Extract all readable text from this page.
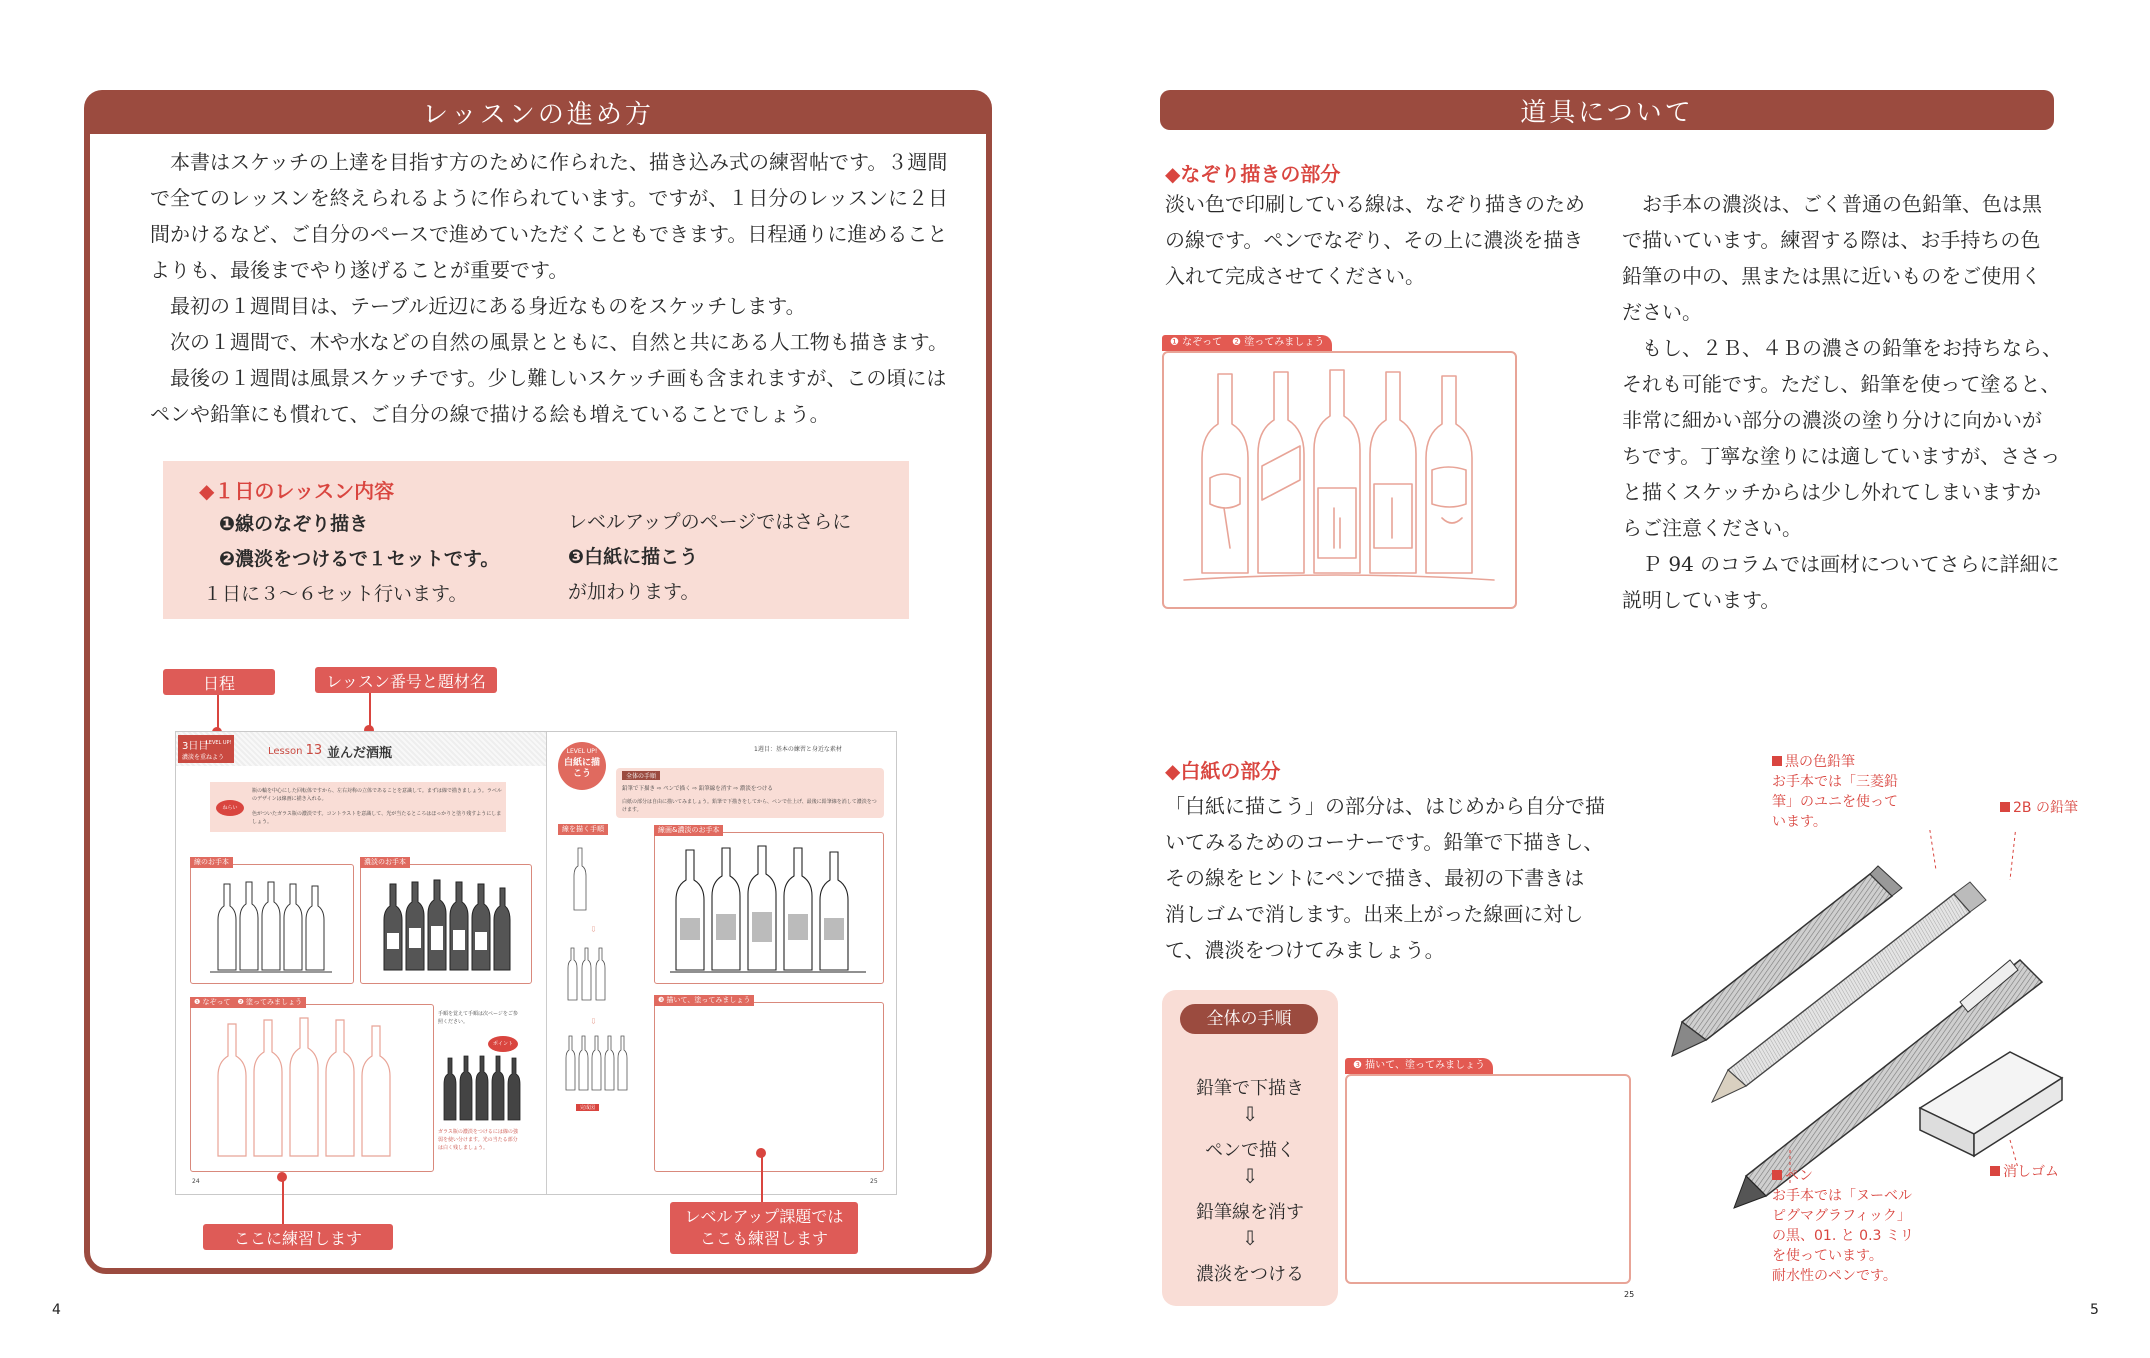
レッスンの進め方
　本書はスケッチの上達を目指す方のために作られた、描き込み式の練習帖です。３週間
で全てのレッスンを終えられるように作られています。ですが、１日分のレッスンに２日
間かけるなど、ご自分のペースで進めていただくこともできます。日程通りに進めること
よりも、最後までやり遂げることが重要です。
　最初の１週間目は、テーブル近辺にある身近なものをスケッチします。
　次の１週間で、木や水などの自然の風景とともに、自然と共にある人工物も描きます。
　最後の１週間は風景スケッチです。少し難しいスケッチ画も含まれますが、この頃には
ペンや鉛筆にも慣れて、ご自分の線で描ける絵も増えていることでしょう。
◆１日のレッスン内容
❶線のなぞり描き
❷濃淡をつけるで１セットです。
１日に３〜６セット行います。
レベルアップのページではさらに
❸白紙に描こう
が加わります。
日程	レッスン番号と題材名
3日目
LEVEL UP!
濃淡を重ねよう
Lesson 13 並んだ酒瓶
ねらい
瓶の輪を中心にした回転体ですから、左右対称の立体であることを意識して。まずは線で描きましょう。ラベルのデザインは線画に描き入れる。
色がついたガラス瓶の濃淡です。コントラストを意識して、光が当たるところはほっかりと塗り残すようにしましょう。
線のお手本	濃淡のお手本
❶ なぞって　❷ 塗ってみましょう
手順を覚えて手順は次ページをご参照ください。
ポイント
ガラス瓶の濃淡をつけるには線の強弱を使い分けます。光の当たる部分は白く残しましょう。
24
1週目：基本の練習と身近な素材
LEVEL UP!
白紙に描こう	全体の手順
鉛筆で下描き ⇨ ペンで描く ⇨ 鉛筆線を消す ⇨ 濃淡をつける
白紙の部分は自由に描いてみましょう。鉛筆で下描きをしてから、ペンで仕上げ、最後に鉛筆線を消して濃淡をつけます。
線を描く手順
⇩
⇩
完成図
線画&濃淡のお手本
❸ 描いて、塗ってみましょう
25
ここに練習します
レベルアップ課題では
ここも練習します
4
道具について
◆なぞり描きの部分
淡い色で印刷している線は、なぞり描きのため
の線です。ペンでなぞり、その上に濃淡を描き
入れて完成させてください。
　お手本の濃淡は、ごく普通の色鉛筆、色は黒
で描いています。練習する際は、お手持ちの色
鉛筆の中の、黒または黒に近いものをご使用く
ださい。
　もし、２Ｂ、４Ｂの濃さの鉛筆をお持ちなら、
それも可能です。ただし、鉛筆を使って塗ると、
非常に細かい部分の濃淡の塗り分けに向かいが
ちです。丁寧な塗りには適していますが、ささっ
と描くスケッチからは少し外れてしまいますか
らご注意ください。
　Ｐ 94 のコラムでは画材についてさらに詳細に
説明しています。
❶ なぞって　❷ 塗ってみましょう
◆白紙の部分
「白紙に描こう」の部分は、はじめから自分で描
いてみるためのコーナーです。鉛筆で下描きし、
その線をヒントにペンで描き、最初の下書きは
消しゴムで消します。出来上がった線画に対し
て、濃淡をつけてみましょう。
全体の手順
鉛筆で下描き
⇩
ペンで描く
⇩
鉛筆線を消す
⇩
濃淡をつける
❸ 描いて、塗ってみましょう
25
黒の色鉛筆
お手本では「三菱鉛
筆」のユニを使って
います。
2B の鉛筆
消しゴム
ペン
お手本では「ヌーベル
ピグマグラフィック」
の黒、01. と 0.3 ミリ
を使っています。
耐水性のペンです。
5
